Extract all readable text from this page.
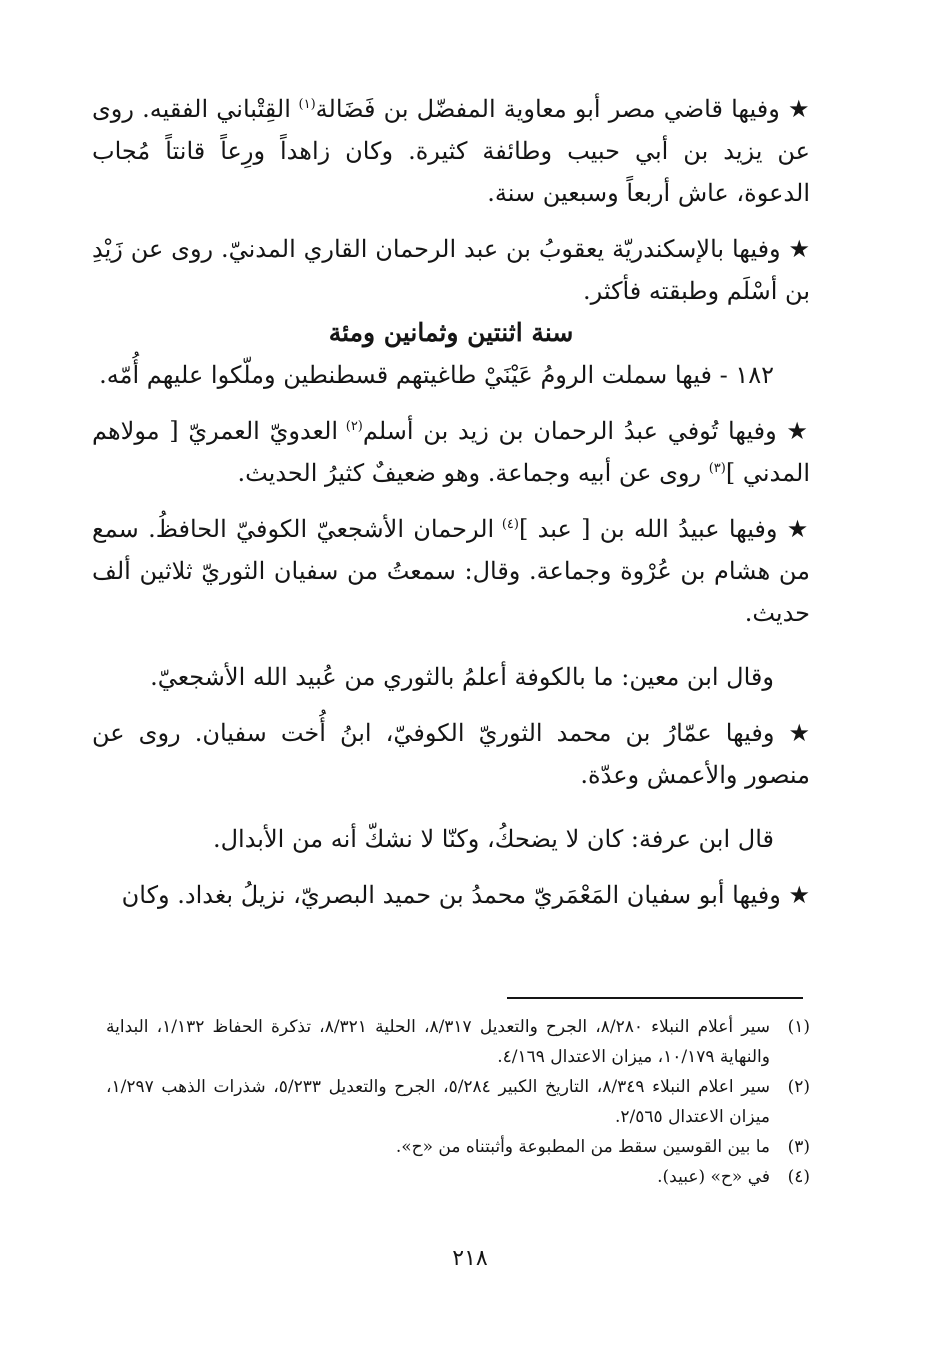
★ وفيها قاضي مصر أبو معاوية المفضّل بن فَضَالة$^{(١)}$ القِتْباني الفقيه. روى عن يزيد بن أبي حبيب وطائفة كثيرة. وكان زاهداً ورِعاً قانتاً مُجاب الدعوة، عاش أربعاً وسبعين سنة.

★ وفيها بالإسكندريّة يعقوبُ بن عبد الرحمان القاري المدنيّ. روى عن زَيْدِ بن أسْلَم وطبقته فأكثر.

سنة اثنتين وثمانين ومئة

١٨٢ - فيها سملت الرومُ عَيْنَيْ طاغيتهم قسطنطين وملّكوا عليهم أُمّه.

★ وفيها تُوفي عبدُ الرحمان بن زيد بن أسلم$^{(٢)}$ العدويّ العمريّ [ مولاهم المدني ]$^{(٣)}$ روى عن أبيه وجماعة. وهو ضعيفٌ كثيرُ الحديث.

★ وفيها عبيدُ الله بن [ عبد ]$^{(٤)}$ الرحمان الأشجعيّ الكوفيّ الحافظُ. سمع من هشام بن عُرْوة وجماعة. وقال: سمعتُ من سفيان الثوريّ ثلاثين ألف حديث.

وقال ابن معين: ما بالكوفة أعلمُ بالثوري من عُبيد الله الأشجعيّ.

★ وفيها عمّارُ بن محمد الثوريّ الكوفيّ، ابنُ أُخت سفيان. روى عن منصور والأعمش وعدّة.

قال ابن عرفة: كان لا يضحكُ، وكنّا لا نشكّ أنه من الأبدال.

★ وفيها أبو سفيان المَعْمَريّ محمدُ بن حميد البصريّ، نزيلُ بغداد. وكان

(١)
سير أعلام النبلاء ٨/٢٨٠، الجرح والتعديل ٨/٣١٧، الحلية ٨/٣٢١، تذكرة الحفاظ ١/١٣٢، البداية والنهاية ١٠/١٧٩، ميزان الاعتدال ٤/١٦٩.
(٢)
سير اعلام النبلاء ٨/٣٤٩، التاريخ الكبير ٥/٢٨٤، الجرح والتعديل ٥/٢٣٣، شذرات الذهب ١/٢٩٧، ميزان الاعتدال ٢/٥٦٥.
(٣)
ما بين القوسين سقط من المطبوعة وأثبتناه من «ح».
(٤)
في «ح» (عبيد).
٢١٨
